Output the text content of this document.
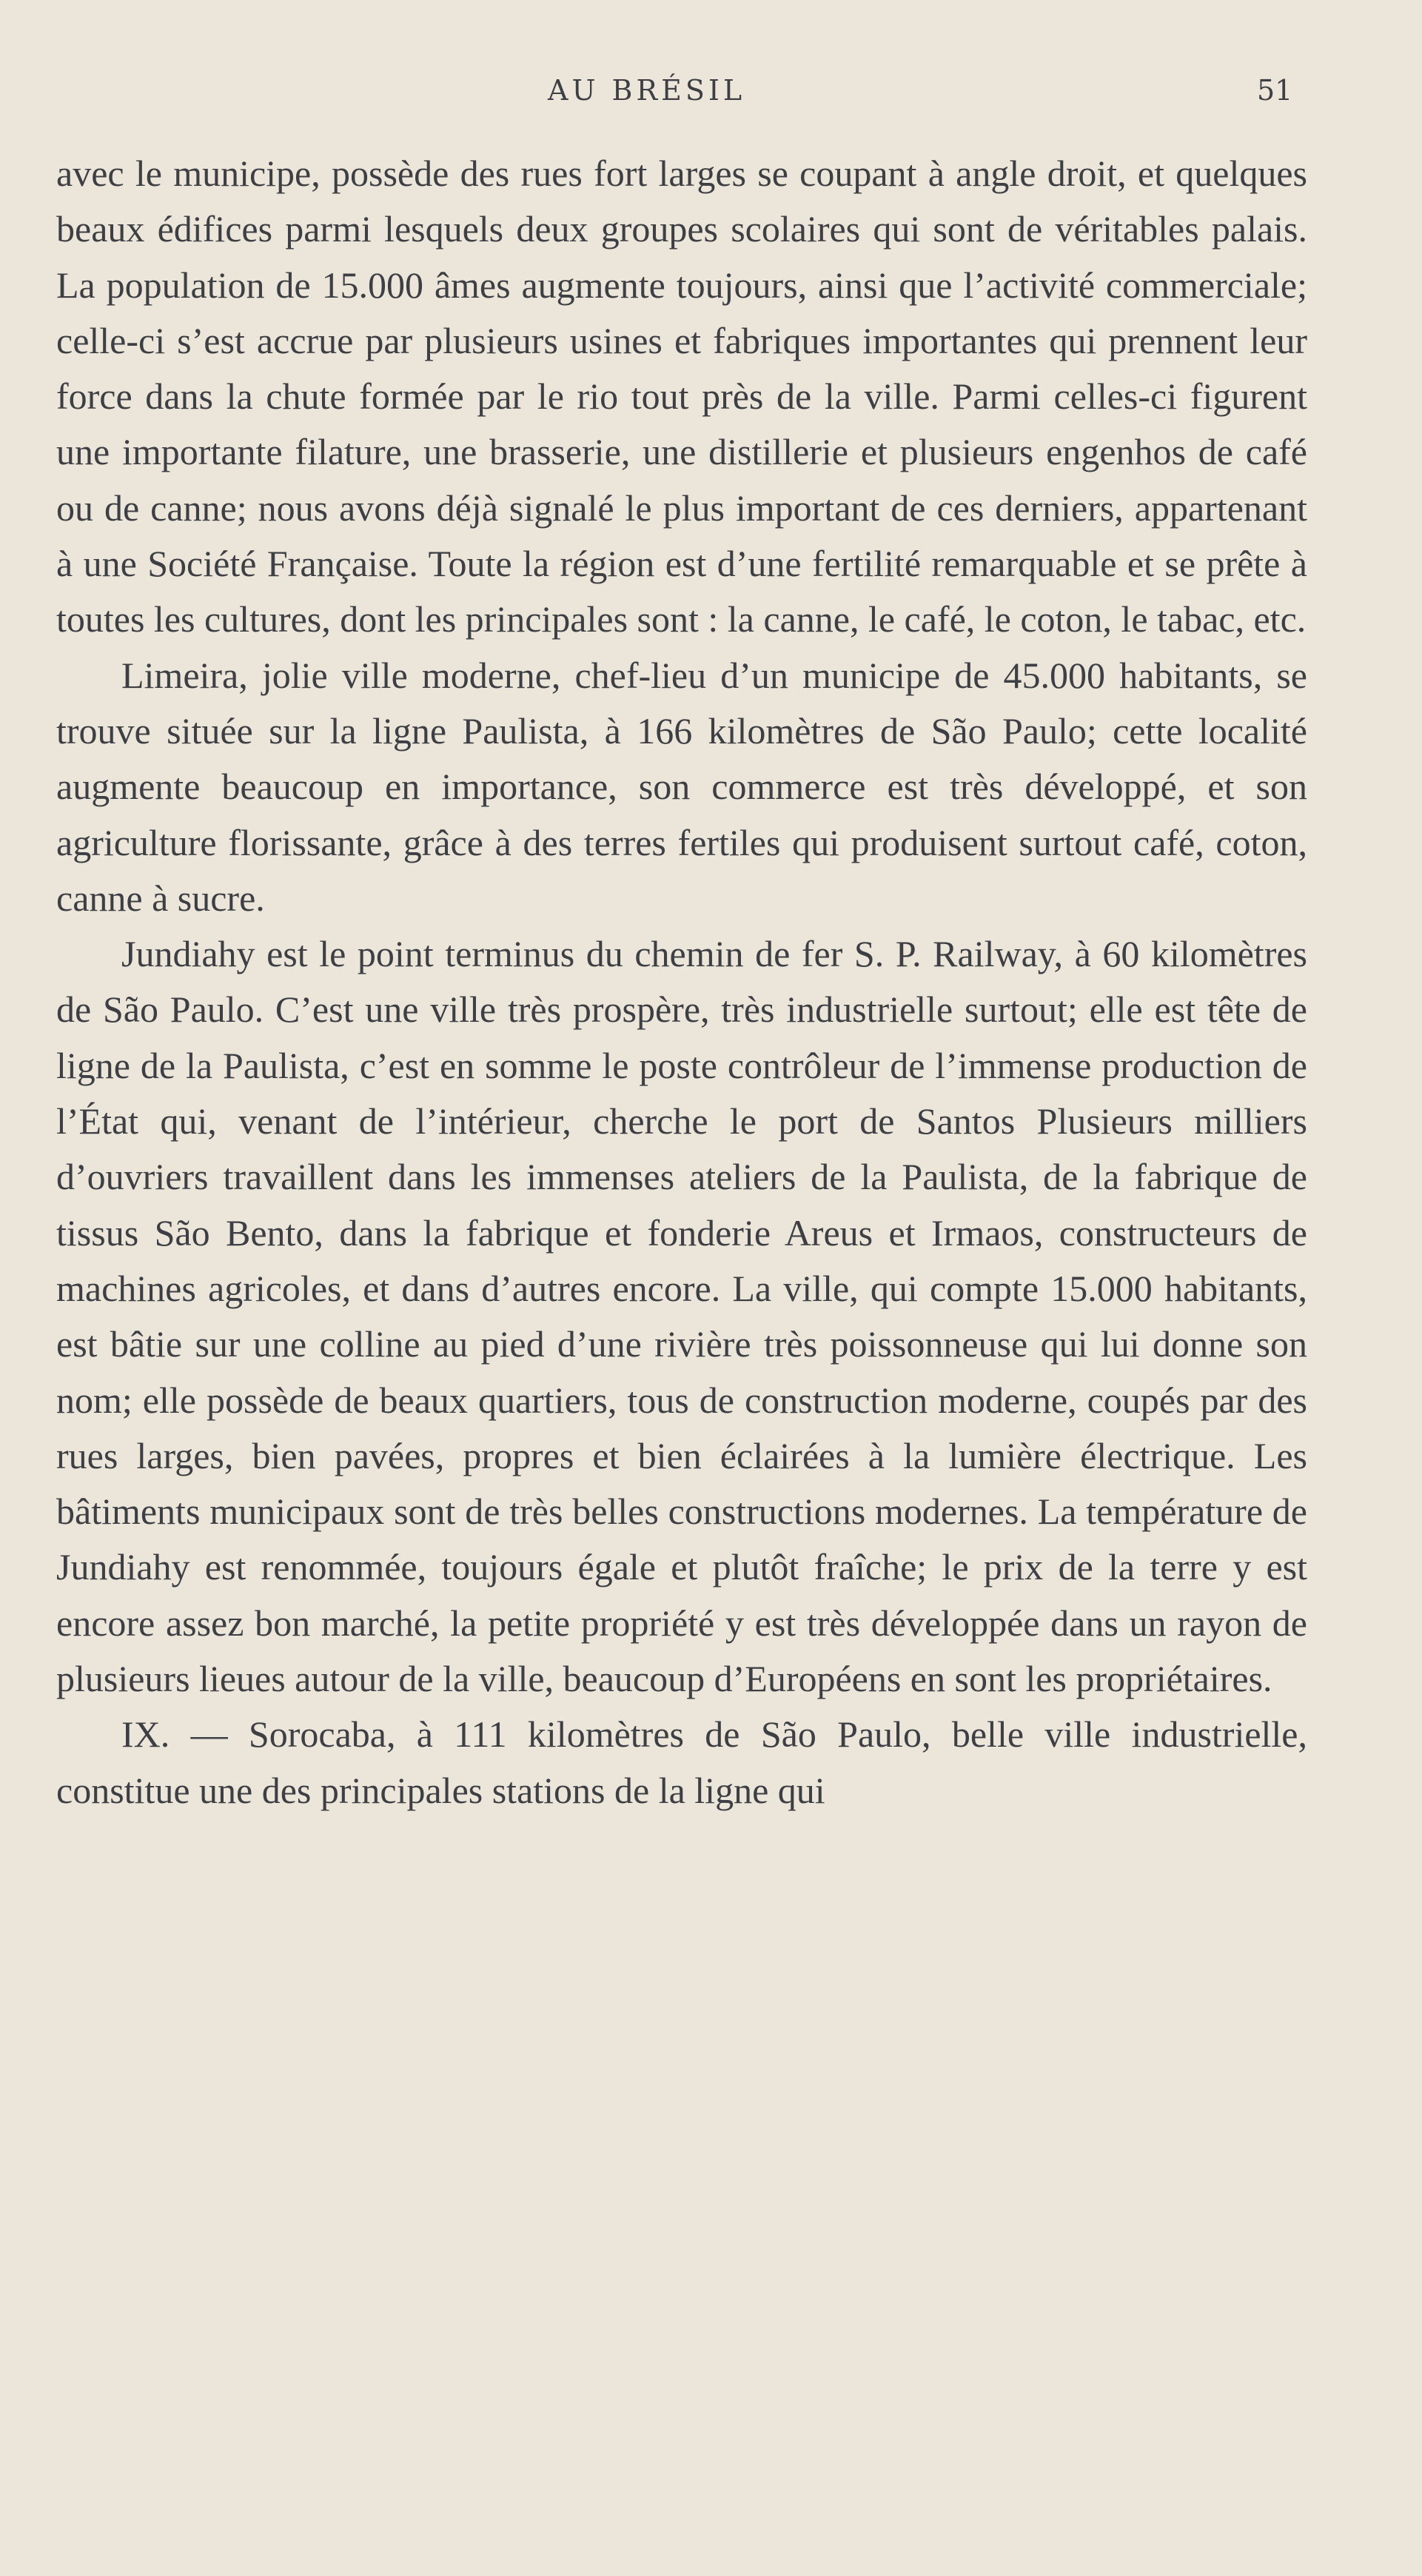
AU BRÉSIL	51

avec le municipe, possède des rues fort larges se coupant à angle droit, et quelques beaux édifices parmi lesquels deux groupes scolaires qui sont de véritables palais. La population de 15.000 âmes augmente toujours, ainsi que l’activité commerciale; celle-ci s’est accrue par plusieurs usines et fabriques importantes qui prennent leur force dans la chute formée par le rio tout près de la ville. Parmi celles-ci figurent une importante filature, une brasserie, une distillerie et plusieurs engenhos de café ou de canne; nous avons déjà signalé le plus important de ces derniers, appartenant à une Société Française. Toute la région est d’une fertilité remarquable et se prête à toutes les cultures, dont les principales sont : la canne, le café, le coton, le tabac, etc.

Limeira, jolie ville moderne, chef-lieu d’un municipe de 45.000 habitants, se trouve située sur la ligne Paulista, à 166 kilomètres de São Paulo; cette localité augmente beaucoup en importance, son commerce est très développé, et son agriculture florissante, grâce à des terres fertiles qui produisent surtout café, coton, canne à sucre.

Jundiahy est le point terminus du chemin de fer S. P. Railway, à 60 kilomètres de São Paulo. C’est une ville très prospère, très industrielle surtout; elle est tête de ligne de la Paulista, c’est en somme le poste contrôleur de l’immense production de l’État qui, venant de l’intérieur, cherche le port de Santos Plusieurs milliers d’ouvriers travaillent dans les immenses ateliers de la Paulista, de la fabrique de tissus São Bento, dans la fabrique et fonderie Areus et Irmaos, constructeurs de machines agricoles, et dans d’autres encore. La ville, qui compte 15.000 habitants, est bâtie sur une colline au pied d’une rivière très poissonneuse qui lui donne son nom; elle possède de beaux quartiers, tous de construction moderne, coupés par des rues larges, bien pavées, propres et bien éclairées à la lumière électrique. Les bâtiments municipaux sont de très belles constructions modernes. La température de Jundiahy est renommée, toujours égale et plutôt fraîche; le prix de la terre y est encore assez bon marché, la petite propriété y est très développée dans un rayon de plusieurs lieues autour de la ville, beaucoup d’Européens en sont les propriétaires.

IX. — Sorocaba, à 111 kilomètres de São Paulo, belle ville industrielle, constitue une des principales stations de la ligne qui
